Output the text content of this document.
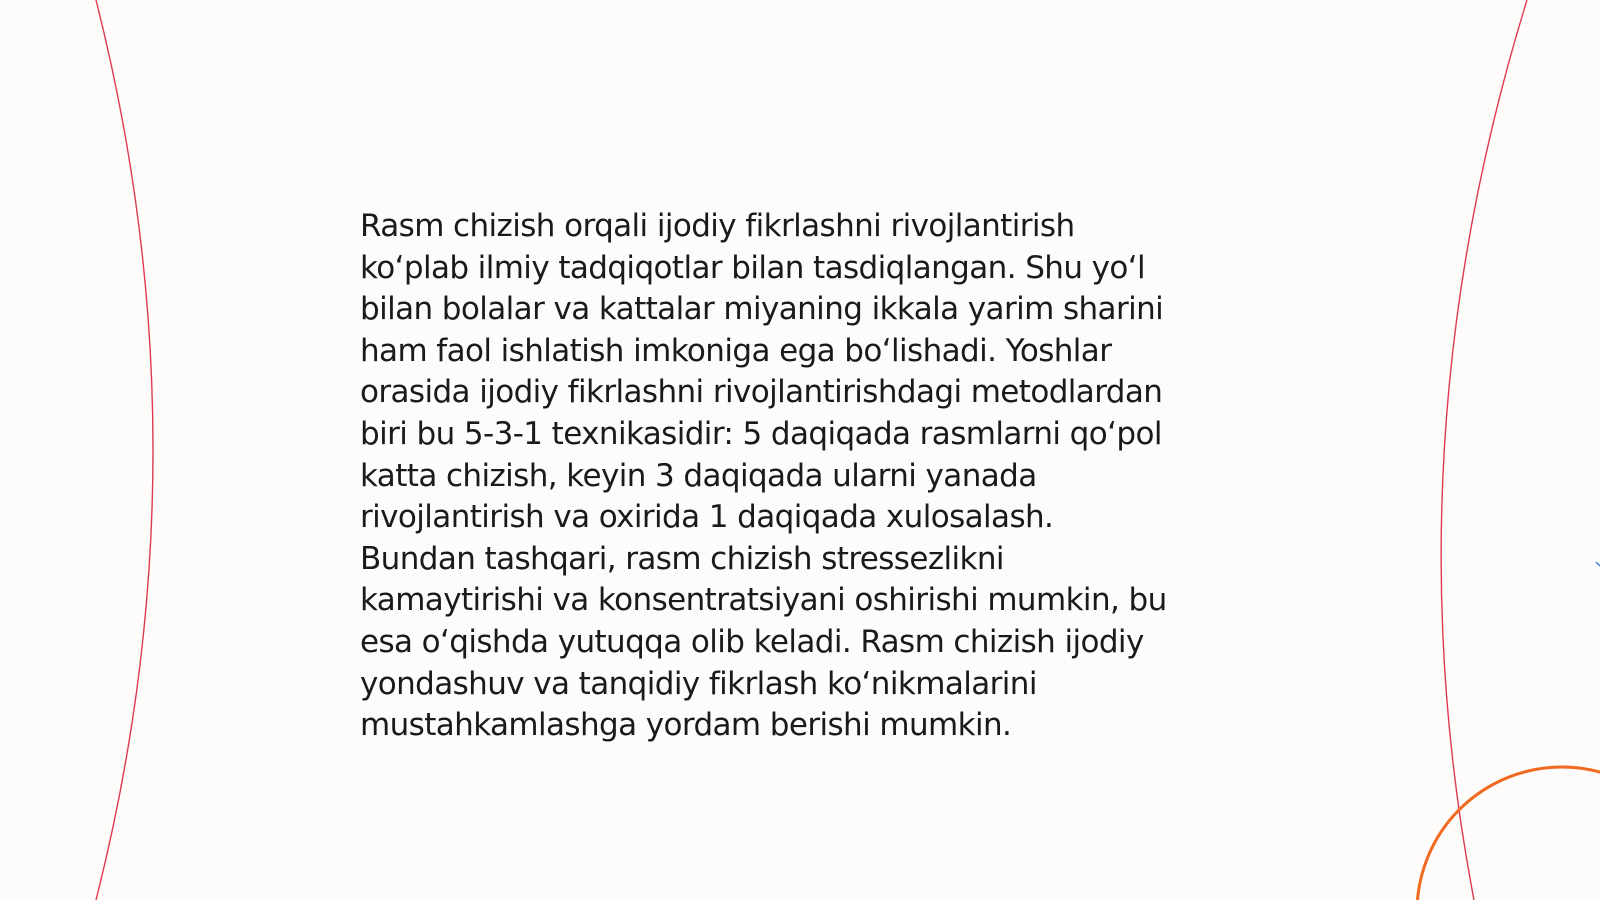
Rasm chizish orqali ijodiy fikrlashni rivojlantirish
ko‘plab ilmiy tadqiqotlar bilan tasdiqlangan. Shu yo‘l
bilan bolalar va kattalar miyaning ikkala yarim sharini
ham faol ishlatish imkoniga ega bo‘lishadi. Yoshlar
orasida ijodiy fikrlashni rivojlantirishdagi metodlardan
biri bu 5-3-1 texnikasidir: 5 daqiqada rasmlarni qo‘pol
katta chizish, keyin 3 daqiqada ularni yanada
rivojlantirish va oxirida 1 daqiqada xulosalash.
Bundan tashqari, rasm chizish stressezlikni
kamaytirishi va konsentratsiyani oshirishi mumkin, bu
esa o‘qishda yutuqqa olib keladi. Rasm chizish ijodiy
yondashuv va tanqidiy fikrlash ko‘nikmalarini
mustahkamlashga yordam berishi mumkin.
